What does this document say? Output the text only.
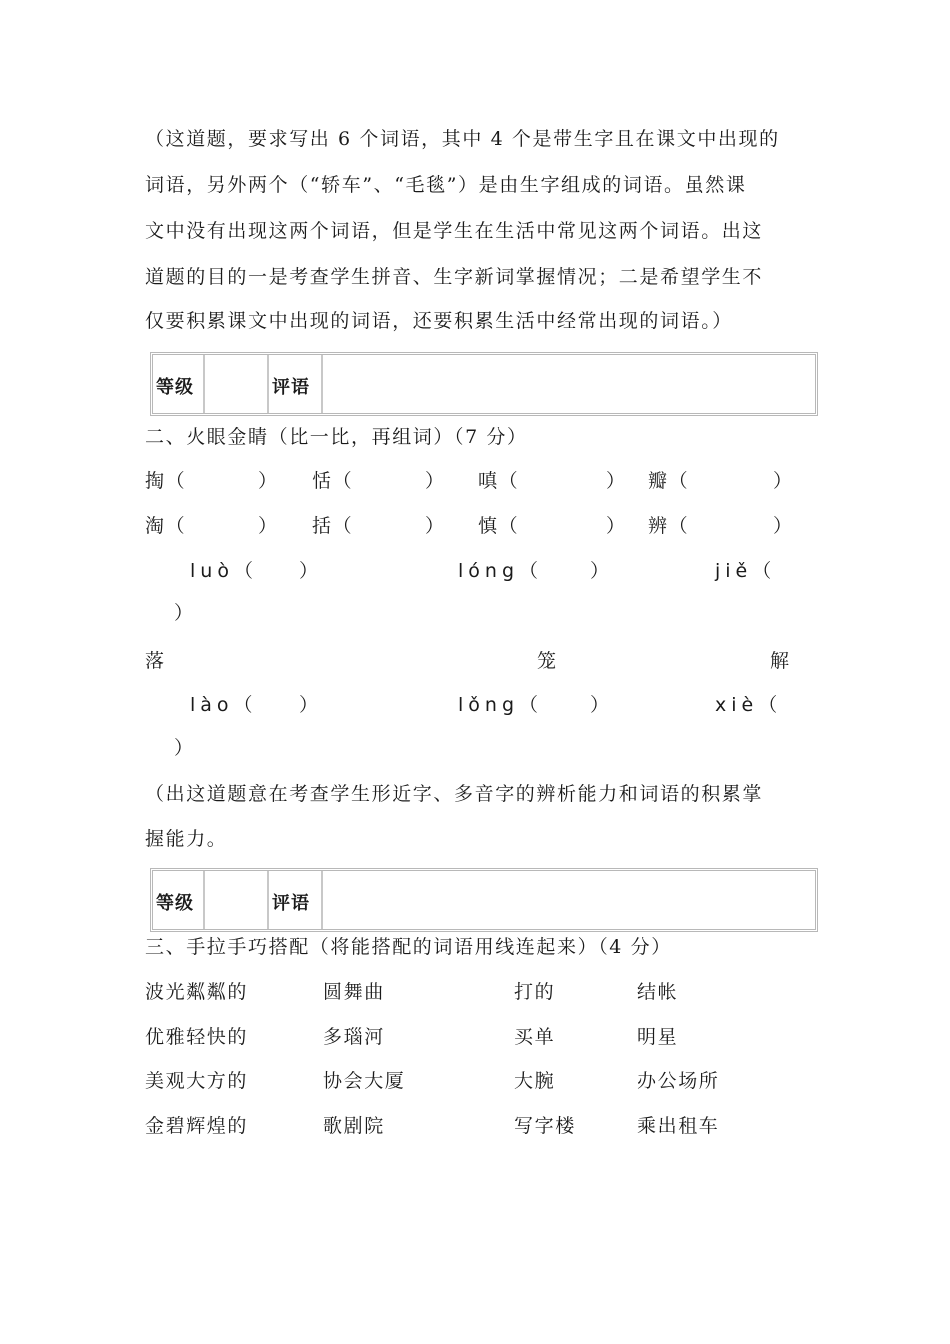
（这道题，要求写出 6 个词语，其中 4 个是带生字且在课文中出现的
词语，另外两个（“轿车”、“毛毯”）是由生字组成的词语。虽然课
文中没有出现这两个词语，但是学生在生活中常见这两个词语。出这
道题的目的一是考查学生拼音、生字新词掌握情况；二是希望学生不
仅要积累课文中出现的词语，还要积累生活中经常出现的词语。）
等级	评语
二、火眼金睛（比一比，再组词）（7 分）
掏（	） 恬（	） 嗔（	） 瓣（	）
淘（	） 括（	） 慎（	） 辨（	）
luò（ ）	lóng（ ）	jiě（
）
落	笼	解
lào（ ）	lǒng（ ）	xiè（
）
（出这道题意在考查学生形近字、多音字的辨析能力和词语的积累掌
握能力。
等级	评语
三、手拉手巧搭配（将能搭配的词语用线连起来）（4 分）
波光粼粼的	圆舞曲	打的	结帐
优雅轻快的	多瑙河	买单	明星
美观大方的	协会大厦	大腕	办公场所
金碧辉煌的	歌剧院	写字楼	乘出租车
